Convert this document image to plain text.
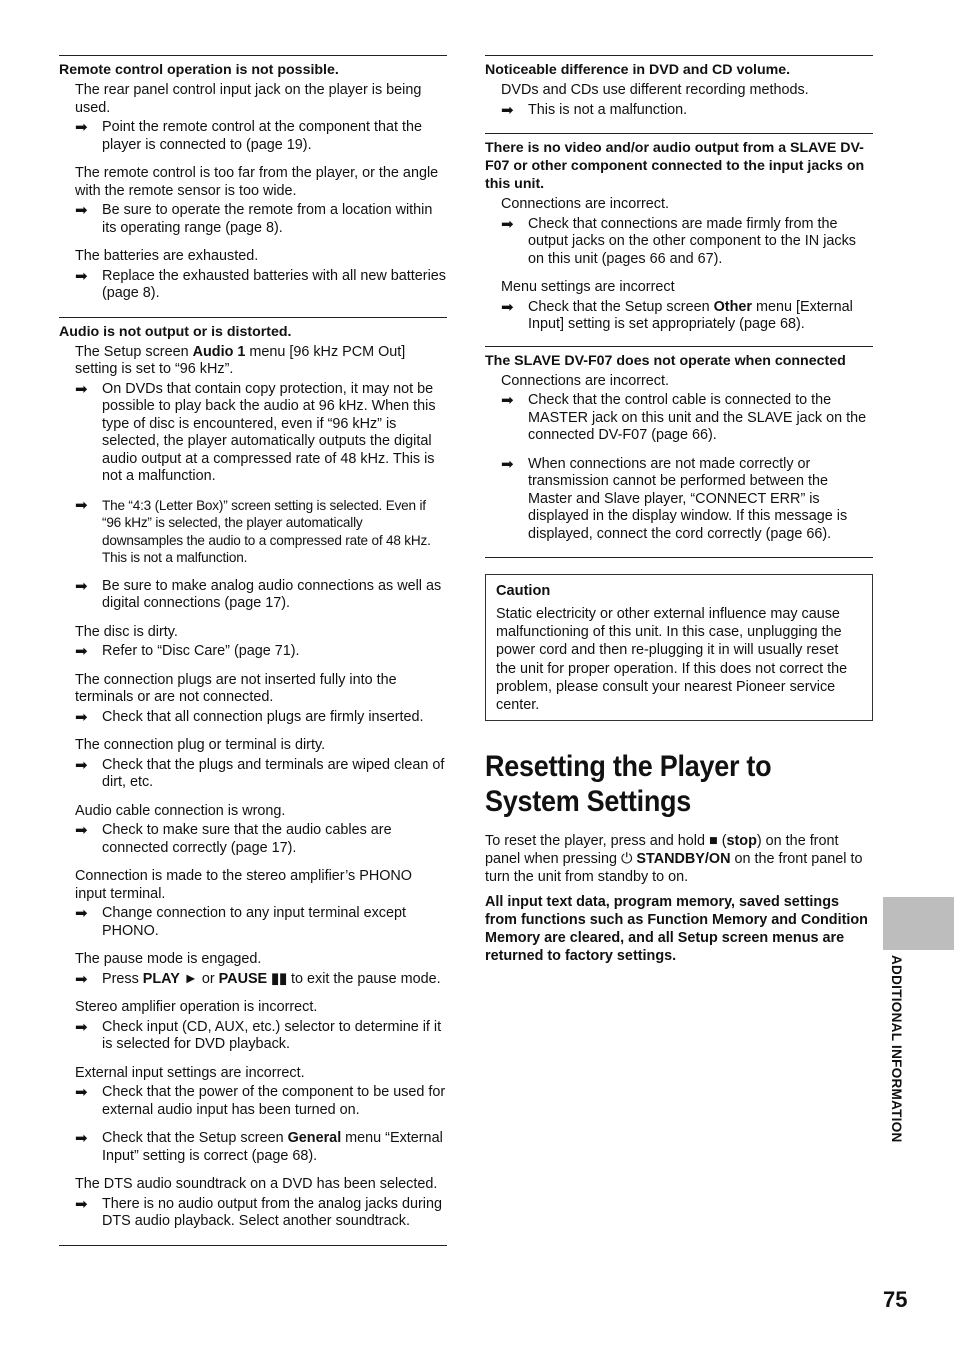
Remote control operation is not possible.
The rear panel control input jack on the player is being used.
➡	Point the remote control at the component that the player is connected to (page 19).
The remote control is too far from the player, or the angle with the remote sensor is too wide.
➡	Be sure to operate the remote from a location within its operating range (page 8).
The batteries are exhausted.
➡	Replace the exhausted batteries with all new batteries (page 8).
Audio is not output or is distorted.
The Setup screen Audio 1 menu [96 kHz PCM Out] setting is set to “96 kHz”.
➡	On DVDs that contain copy protection, it may not be possible to play back the audio at 96 kHz. When this type of disc is encountered, even if “96 kHz” is selected, the player automatically outputs the digital audio output at a compressed rate of 48 kHz. This is not a malfunction.
➡	The “4:3 (Letter Box)” screen setting is selected. Even if “96 kHz” is selected, the player automatically downsamples the audio to a compressed rate of 48 kHz. This is not a malfunction.
➡	Be sure to make analog audio connections as well as digital connections (page 17).
The disc is dirty.
➡	Refer to “Disc Care” (page 71).
The connection plugs are not inserted fully into the terminals or are not connected.
➡	Check that all connection plugs are firmly inserted.
The connection plug or terminal is dirty.
➡	Check that the plugs and terminals are wiped clean of dirt, etc.
Audio cable connection is wrong.
➡	Check to make sure that the audio cables are connected correctly (page 17).
Connection is made to the stereo amplifier’s PHONO input terminal.
➡	Change connection to any input terminal except PHONO.
The pause mode is engaged.
➡	Press PLAY ► or PAUSE ▮▮ to exit the pause mode.
Stereo amplifier operation is incorrect.
➡	Check input (CD, AUX, etc.) selector to determine if it is selected for DVD playback.
External input settings are incorrect.
➡	Check that the power of the component to be used for external audio input has been turned on.
➡	Check that the Setup screen General menu “External Input” setting is correct (page 68).
The DTS audio soundtrack on a DVD has been selected.
➡	There is no audio output from the analog jacks during DTS audio playback. Select another soundtrack.
Noticeable difference in DVD and CD volume.
DVDs and CDs use different recording methods.
➡	This is not a malfunction.
There is no video and/or audio output from a SLAVE DV-F07 or other component connected to the input jacks on this unit.
Connections are incorrect.
➡	Check that connections are made firmly from the output jacks on the other component to the IN jacks on this unit (pages 66 and 67).
Menu settings are incorrect
➡	Check that the Setup screen Other menu [External Input] setting is set appropriately (page 68).
The SLAVE DV-F07 does not operate when connected
Connections are incorrect.
➡	Check that the control cable is connected to the MASTER jack on this unit and the SLAVE jack on the connected DV-F07 (page 66).
➡	When connections are not made correctly or transmission cannot be performed between the Master and Slave player, “CONNECT ERR” is displayed in the display window. If this message is displayed, connect the cord correctly (page 66).
Caution
Static electricity or other external influence may cause malfunctioning of this unit. In this case, unplugging the power cord and then re-plugging it in will usually reset the unit for proper operation. If this does not correct the problem, please consult your nearest Pioneer service center.
Resetting the Player to System Settings
To reset the player, press and hold ■ (stop) on the front panel when pressing ⏻ STANDBY/ON on the front panel to turn the unit from standby to on.
All input text data, program memory, saved settings from functions such as Function Memory and Condition Memory are cleared, and all Setup screen menus are returned to factory settings.	ADDITIONAL INFORMATION
75
